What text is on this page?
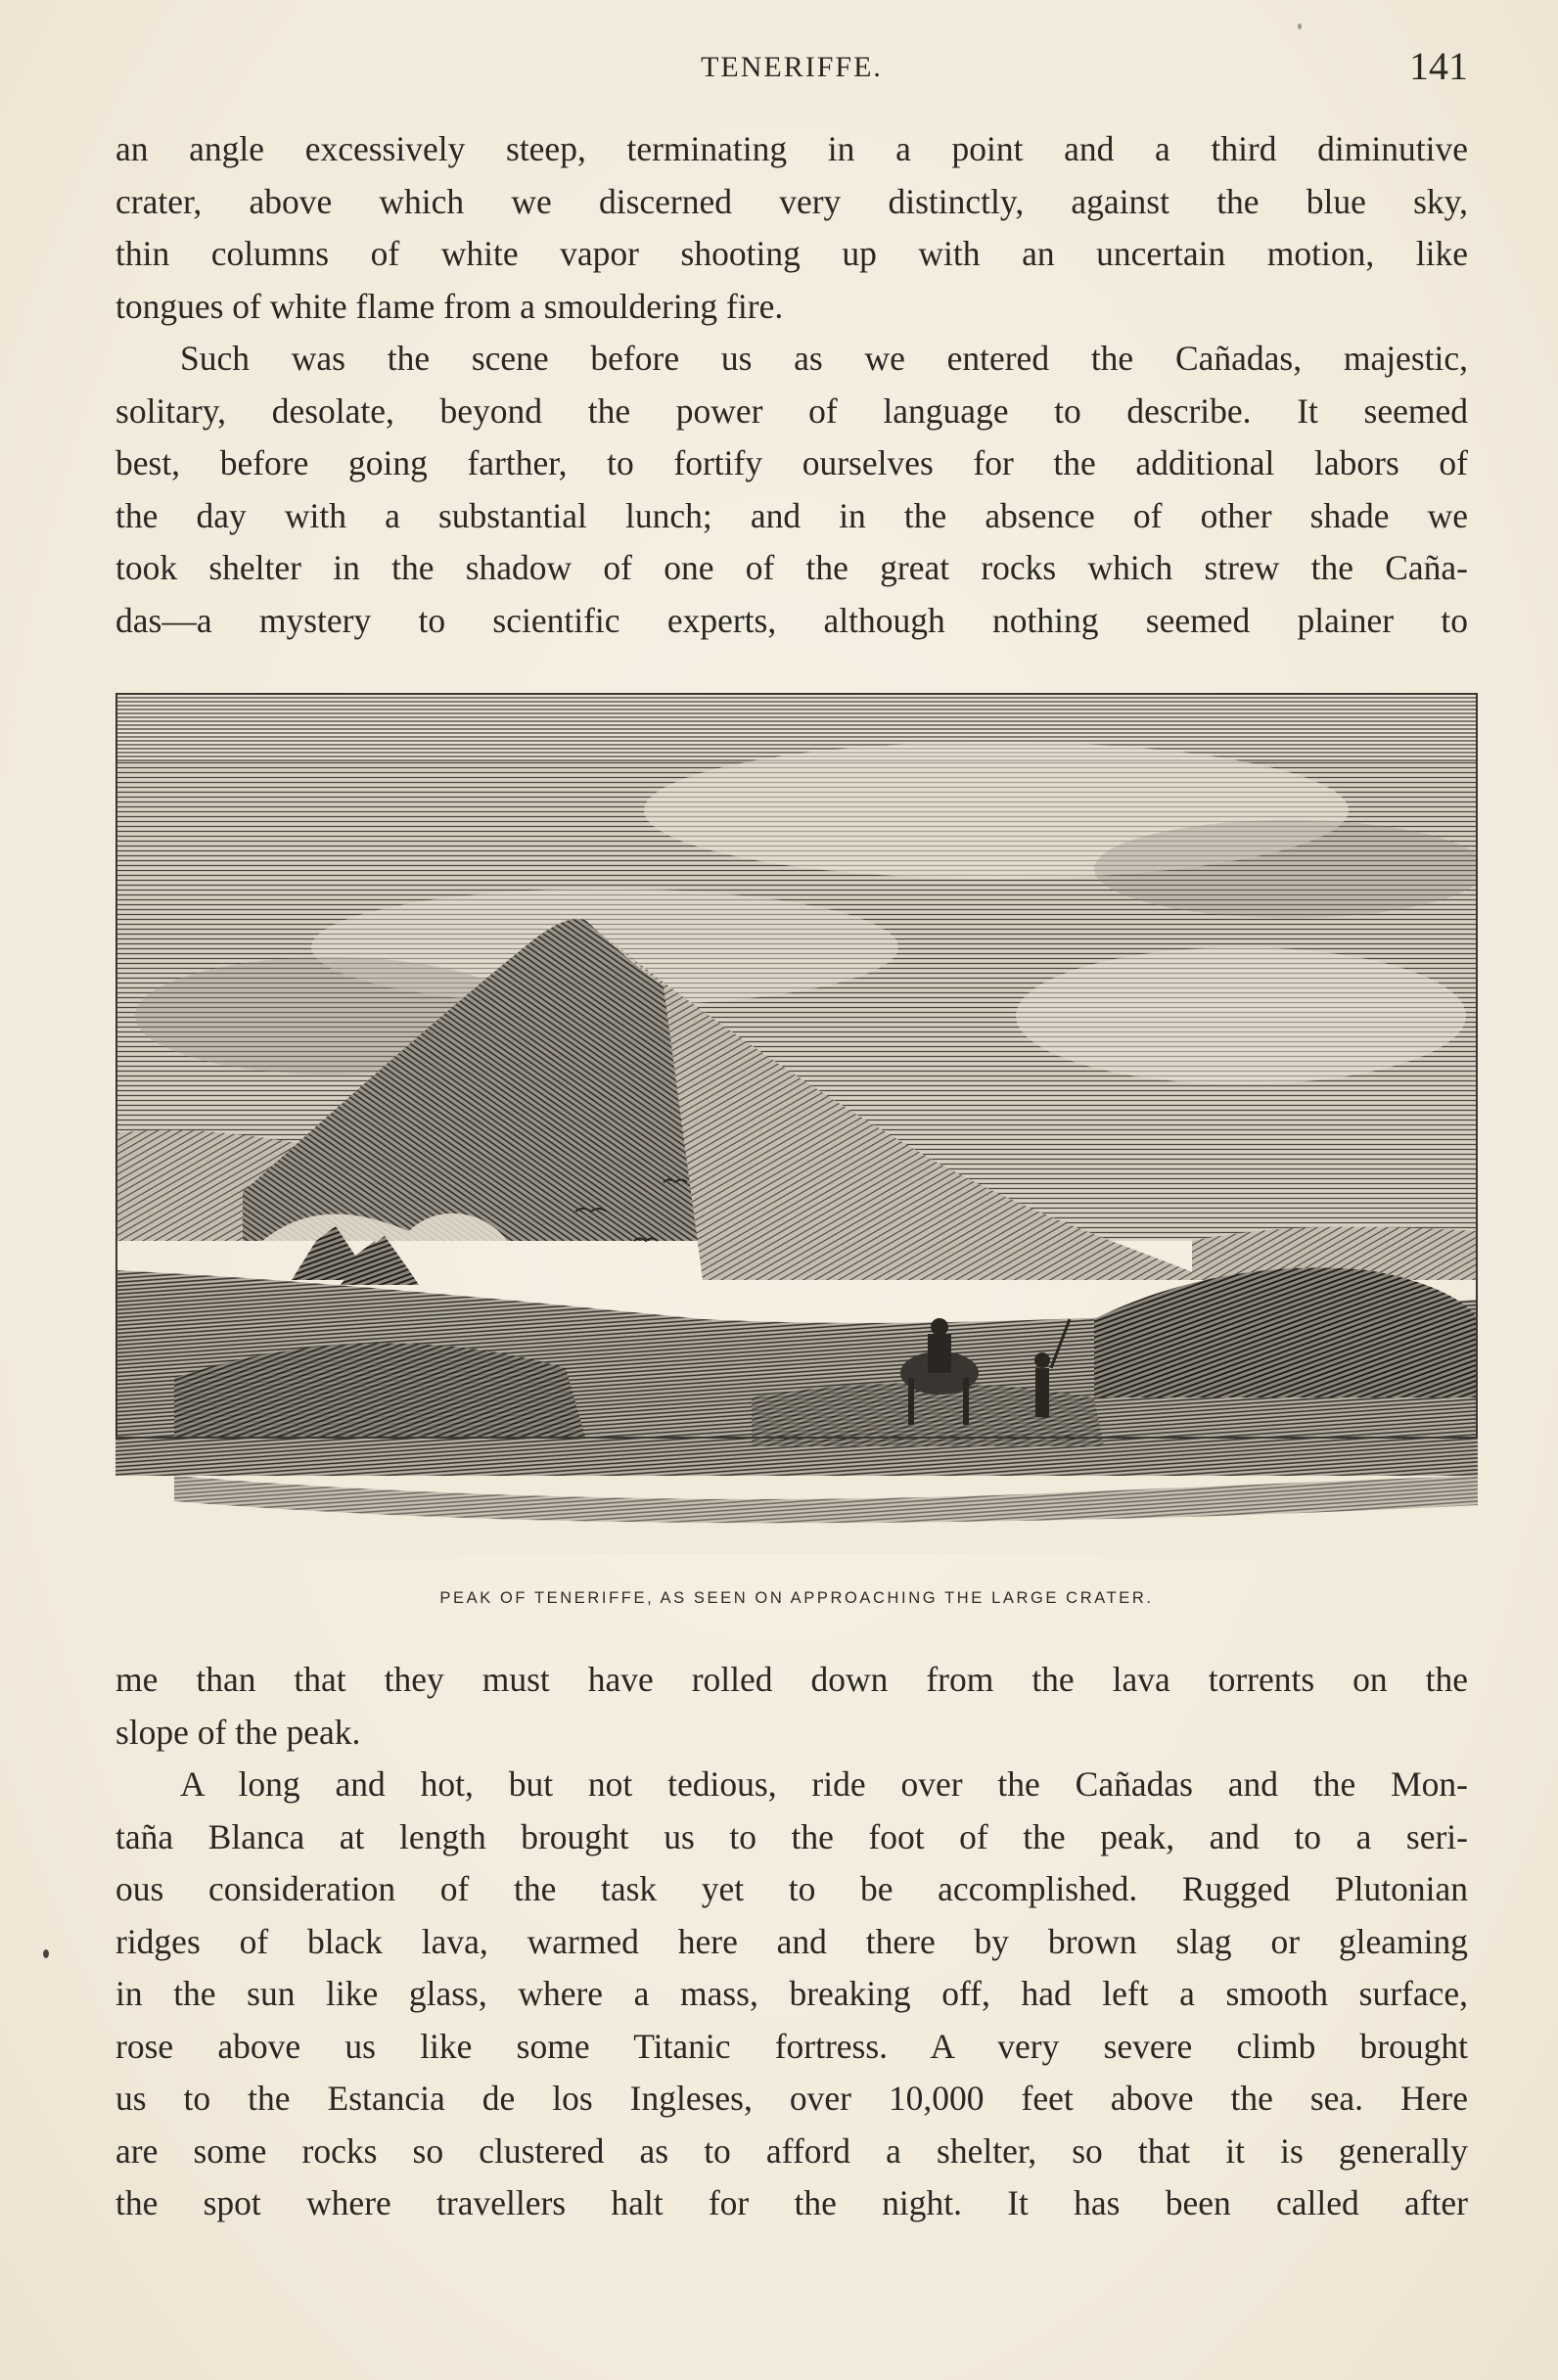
TENERIFFE.	141

an angle excessively steep, terminating in a point and a third diminutive

crater, above which we discerned very distinctly, against the blue sky,

thin columns of white vapor shooting up with an uncertain motion, like

tongues of white flame from a smouldering fire.

Such was the scene before us as we entered the Cañadas, majestic,

solitary, desolate, beyond the power of language to describe. It seemed

best, before going farther, to fortify ourselves for the additional labors of

the day with a substantial lunch; and in the absence of other shade we

took shelter in the shadow of one of the great rocks which strew the Caña-

das—a mystery to scientific experts, although nothing seemed plainer to

PEAK OF TENERIFFE, AS SEEN ON APPROACHING THE LARGE CRATER.

me than that they must have rolled down from the lava torrents on the

slope of the peak.

A long and hot, but not tedious, ride over the Cañadas and the Mon-

taña Blanca at length brought us to the foot of the peak, and to a seri-

ous consideration of the task yet to be accomplished. Rugged Plutonian

ridges of black lava, warmed here and there by brown slag or gleaming

in the sun like glass, where a mass, breaking off, had left a smooth surface,

rose above us like some Titanic fortress. A very severe climb brought

us to the Estancia de los Ingleses, over 10,000 feet above the sea. Here

are some rocks so clustered as to afford a shelter, so that it is generally

the spot where travellers halt for the night. It has been called after
